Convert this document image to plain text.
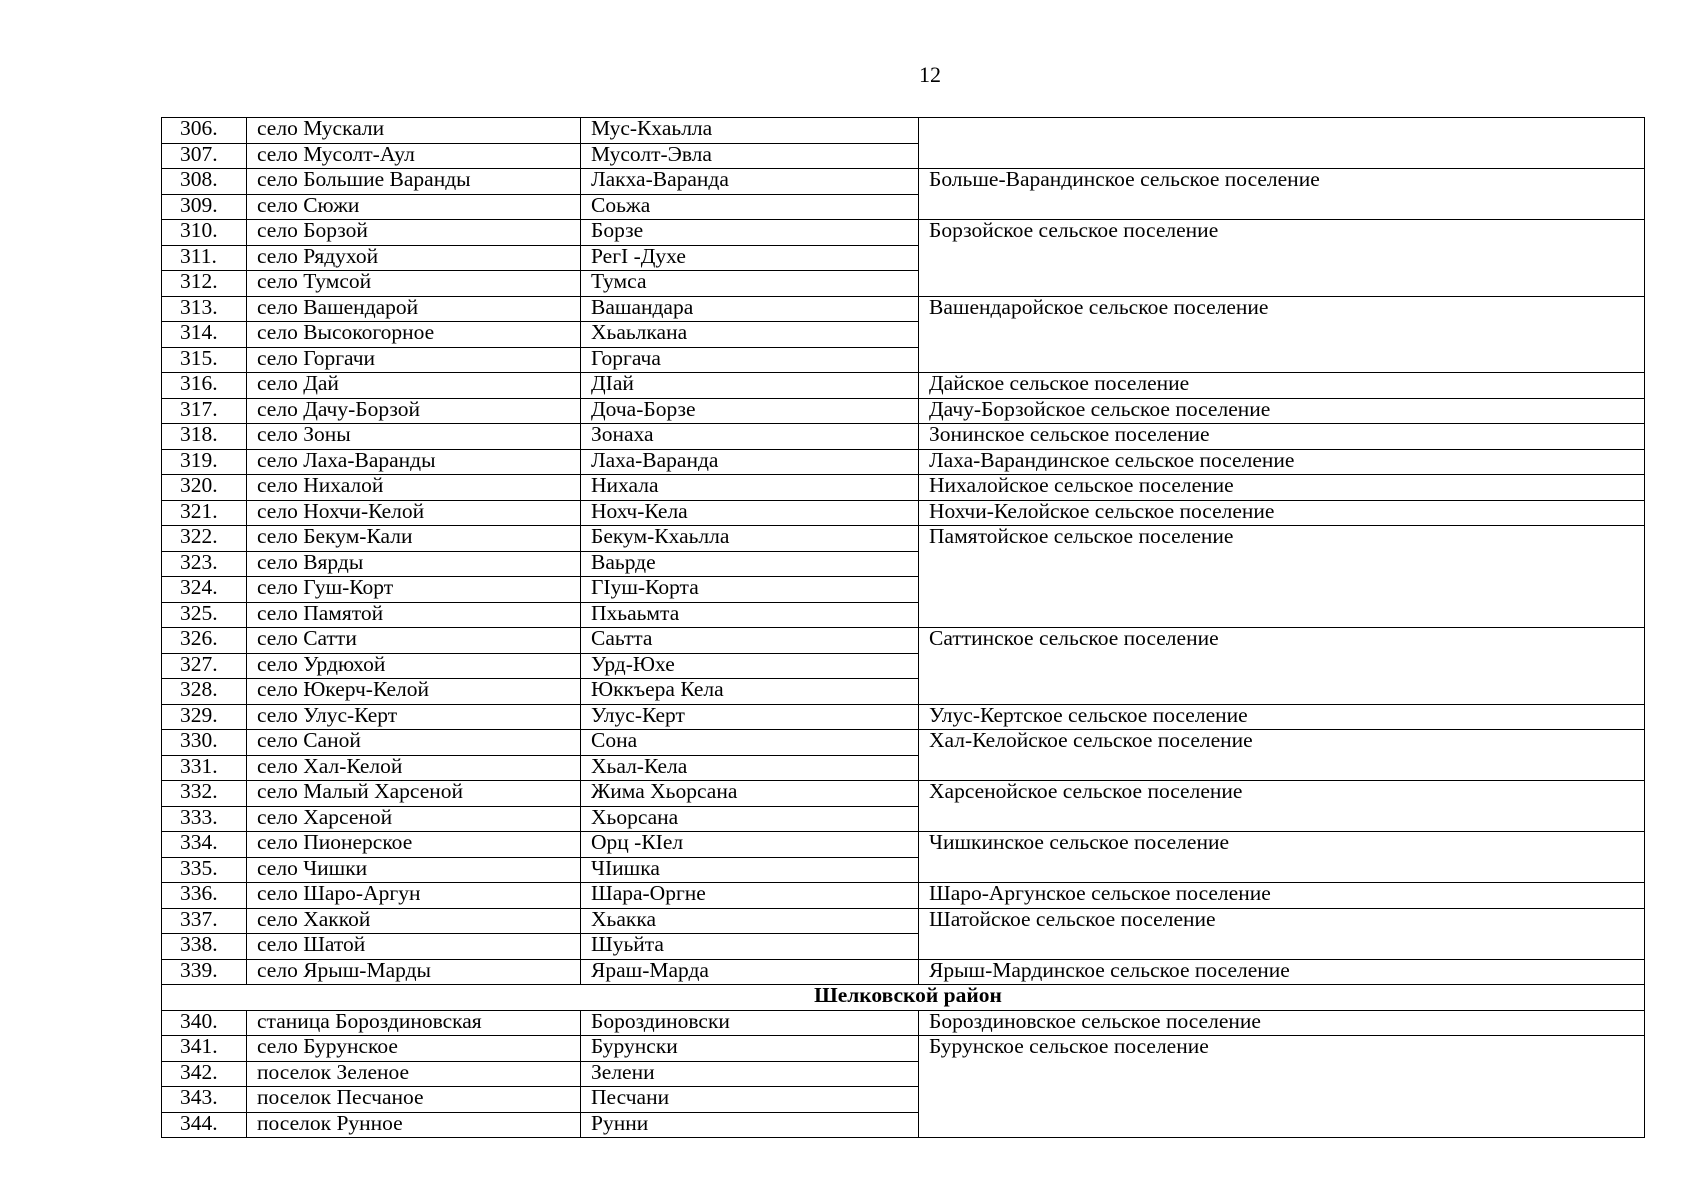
12
306.	село Мускали	Мус-Кхаьлла	
307.	село Мусолт-Аул	Мусолт-Эвла	
308.	село Большие Варанды	Лакха-Варанда	Больше-Варандинское сельское поселение
309.	село Сюжи	Соьжа	
310.	село Борзой	Борзе	Борзойское сельское поселение
311.	село Рядухой	РегI -Духе	
312.	село Тумсой	Тумса	
313.	село Вашендарой	Вашандара	Вашендаройское сельское поселение
314.	село Высокогорное	Хьаьлкана	
315.	село Горгачи	Горгача	
316.	село Дай	ДIай	Дайское сельское поселение
317.	село Дачу-Борзой	Доча-Борзе	Дачу-Борзойское сельское поселение
318.	село Зоны	Зонаха	Зонинское сельское поселение
319.	село Лаха-Варанды	Лаха-Варанда	Лаха-Варандинское сельское поселение
320.	село Нихалой	Нихала	Нихалойское сельское поселение
321.	село Нохчи-Келой	Нохч-Кела	Нохчи-Келойское сельское поселение
322.	село Бекум-Кали	Бекум-Кхаьлла	Памятойское сельское поселение
323.	село Вярды	Ваьрде	
324.	село Гуш-Корт	ГIуш-Корта	
325.	село Памятой	Пхьаьмта	
326.	село Сатти	Саьтта	Саттинское сельское поселение
327.	село Урдюхой	Урд-Юхе	
328.	село Юкерч-Келой	Юккъера Кела	
329.	село Улус-Керт	Улус-Керт	Улус-Кертское сельское поселение
330.	село Саной	Сона	Хал-Келойское сельское поселение
331.	село Хал-Келой	Хьал-Кела	
332.	село Малый Харсеной	Жима Хьорсана	Харсенойское сельское поселение
333.	село Харсеной	Хьорсана	
334.	село Пионерское	Орц -КIел	Чишкинское сельское поселение
335.	село Чишки	ЧIишка	
336.	село Шаро-Аргун	Шара-Оргне	Шаро-Аргунское сельское поселение
337.	село Хаккой	Хьакка	Шатойское сельское поселение
338.	село Шатой	Шуьйта	
339.	село Ярыш-Марды	Яраш-Марда	Ярыш-Мардинское сельское поселение
Шелковской район			
340.	станица Бороздиновская	Бороздиновски	Бороздиновское сельское поселение
341.	село Бурунское	Бурунски	Бурунское сельское поселение
342.	поселок Зеленое	Зелени	
343.	поселок Песчаное	Песчани	
344.	поселок Рунное	Рунни	
